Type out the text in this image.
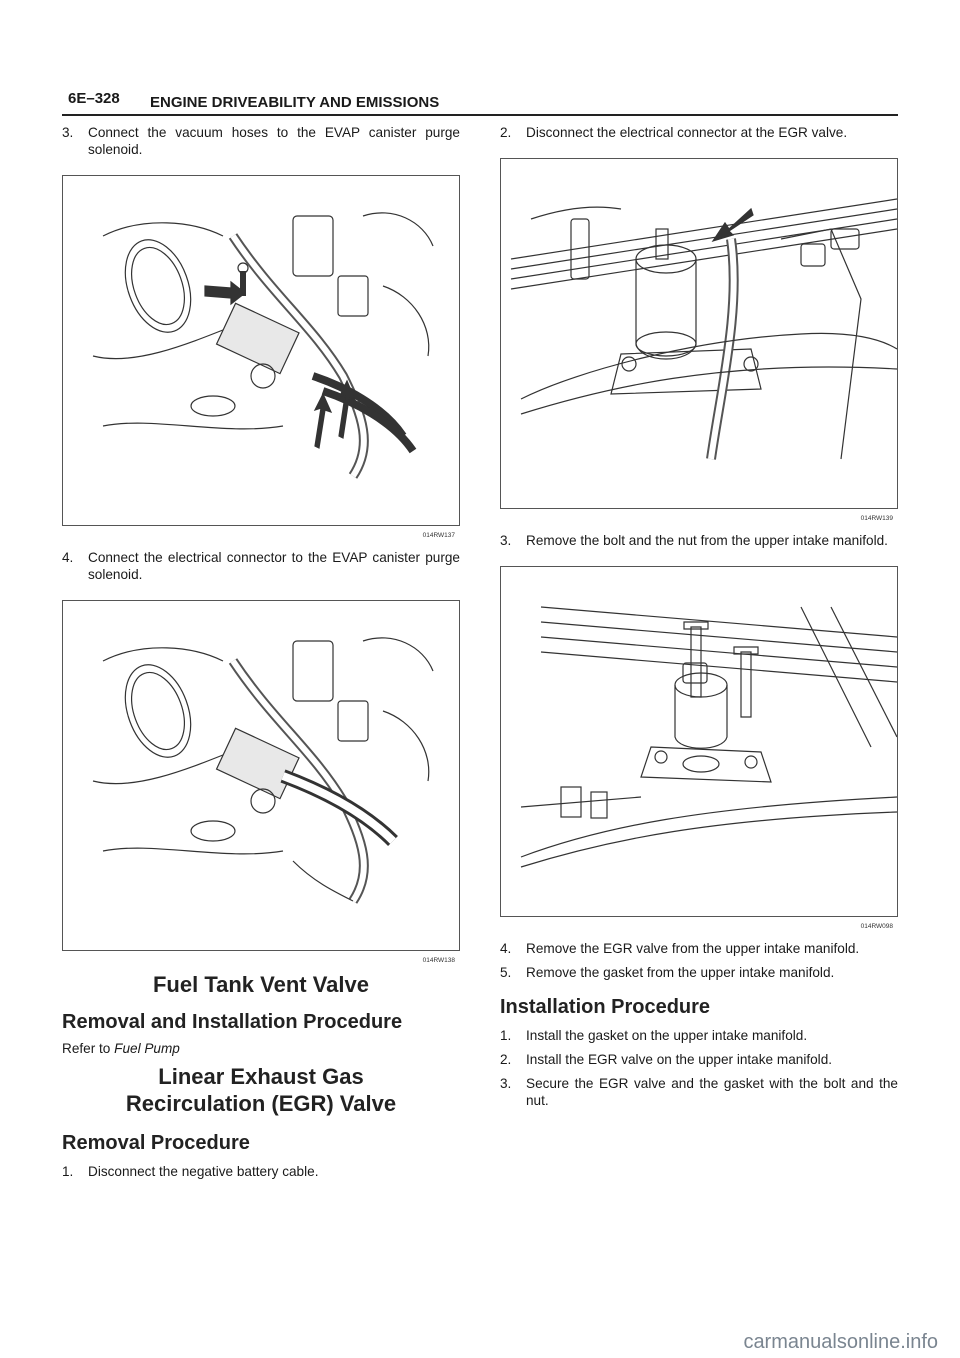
6E–328 ENGINE DRIVEABILITY AND EMISSIONS
3. Connect the vacuum hoses to the EVAP canister purge solenoid.
014RW137
4. Connect the electrical connector to the EVAP canister purge solenoid.
014RW138
Fuel Tank Vent Valve
Removal and Installation Procedure
Refer to Fuel Pump
Linear Exhaust Gas
Recirculation (EGR) Valve
Removal Procedure
1. Disconnect the negative battery cable.
2. Disconnect the electrical connector at the EGR valve.
014RW139
3. Remove the bolt and the nut from the upper intake manifold.
014RW098
4. Remove the EGR valve from the upper intake manifold.
5. Remove the gasket from the upper intake manifold.
Installation Procedure
1. Install the gasket on the upper intake manifold.
2. Install the EGR valve on the upper intake manifold.
3. Secure the EGR valve and the gasket with the bolt and the nut.
carmanualsonline.info
